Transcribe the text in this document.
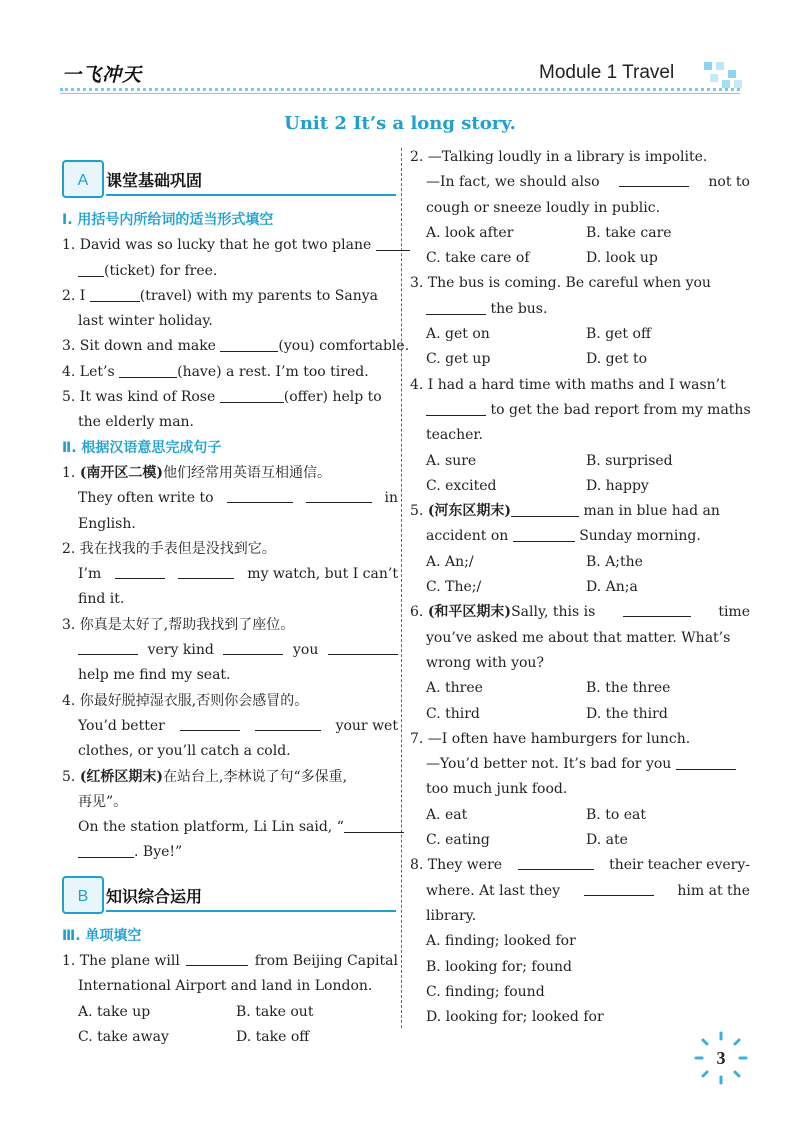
一飞冲天	Module 1 Travel
Unit 2 It’s a long story.
A	课堂基础巩固

Ⅰ. 用括号内所给词的适当形式填空

1. David was so lucky that he got two plane

(ticket) for free.

2. I	(travel) with my parents to Sanya

last winter holiday.

3. Sit down and make	(you) comfortable.

4. Let’s	(have) a rest. I’m too tired.

5. It was kind of Rose	(offer) help to

the elderly man.

Ⅱ. 根据汉语意思完成句子

1. (南开区二模)他们经常用英语互相通信。

They often write to	in

English.

2. 我在找我的手表但是没找到它。

I’m	my watch, but I can’t

find it.

3. 你真是太好了,帮助我找到了座位。

very kind	you

help me find my seat.

4. 你最好脱掉湿衣服,否则你会感冒的。

You’d better	your wet

clothes, or you’ll catch a cold.

5. (红桥区期末)在站台上,李林说了句“多保重,

再见”。

On the station platform, Li Lin said, “

. Bye!”

B	知识综合运用

Ⅲ. 单项填空

1. The plane will	from Beijing Capital

International Airport and land in London.

A. take up	B. take out

C. take away	D. take off

2. —Talking loudly in a library is impolite.

—In fact, we should also	not to

cough or sneeze loudly in public.

A. look after	B. take care

C. take care of	D. look up

3. The bus is coming. Be careful when you

the bus.

A. get on	B. get off

C. get up	D. get to

4. I had a hard time with maths and I wasn’t

to get the bad report from my maths

teacher.

A. sure	B. surprised

C. excited	D. happy

5. (河东区期末)	man in blue had an

accident on	Sunday morning.

A. An;/	B. A;the

C. The;/	D. An;a

6. (和平区期末)Sally, this is	time

you’ve asked me about that matter. What’s

wrong with you?

A. three	B. the three

C. third	D. the third

7. —I often have hamburgers for lunch.

—You’d better not. It’s bad for you

too much junk food.

A. eat	B. to eat

C. eating	D. ate

8. They were	their teacher every-

where. At last they	him at the

library.

A. finding; looked for

B. looking for; found

C. finding; found

D. looking for; looked for

3
